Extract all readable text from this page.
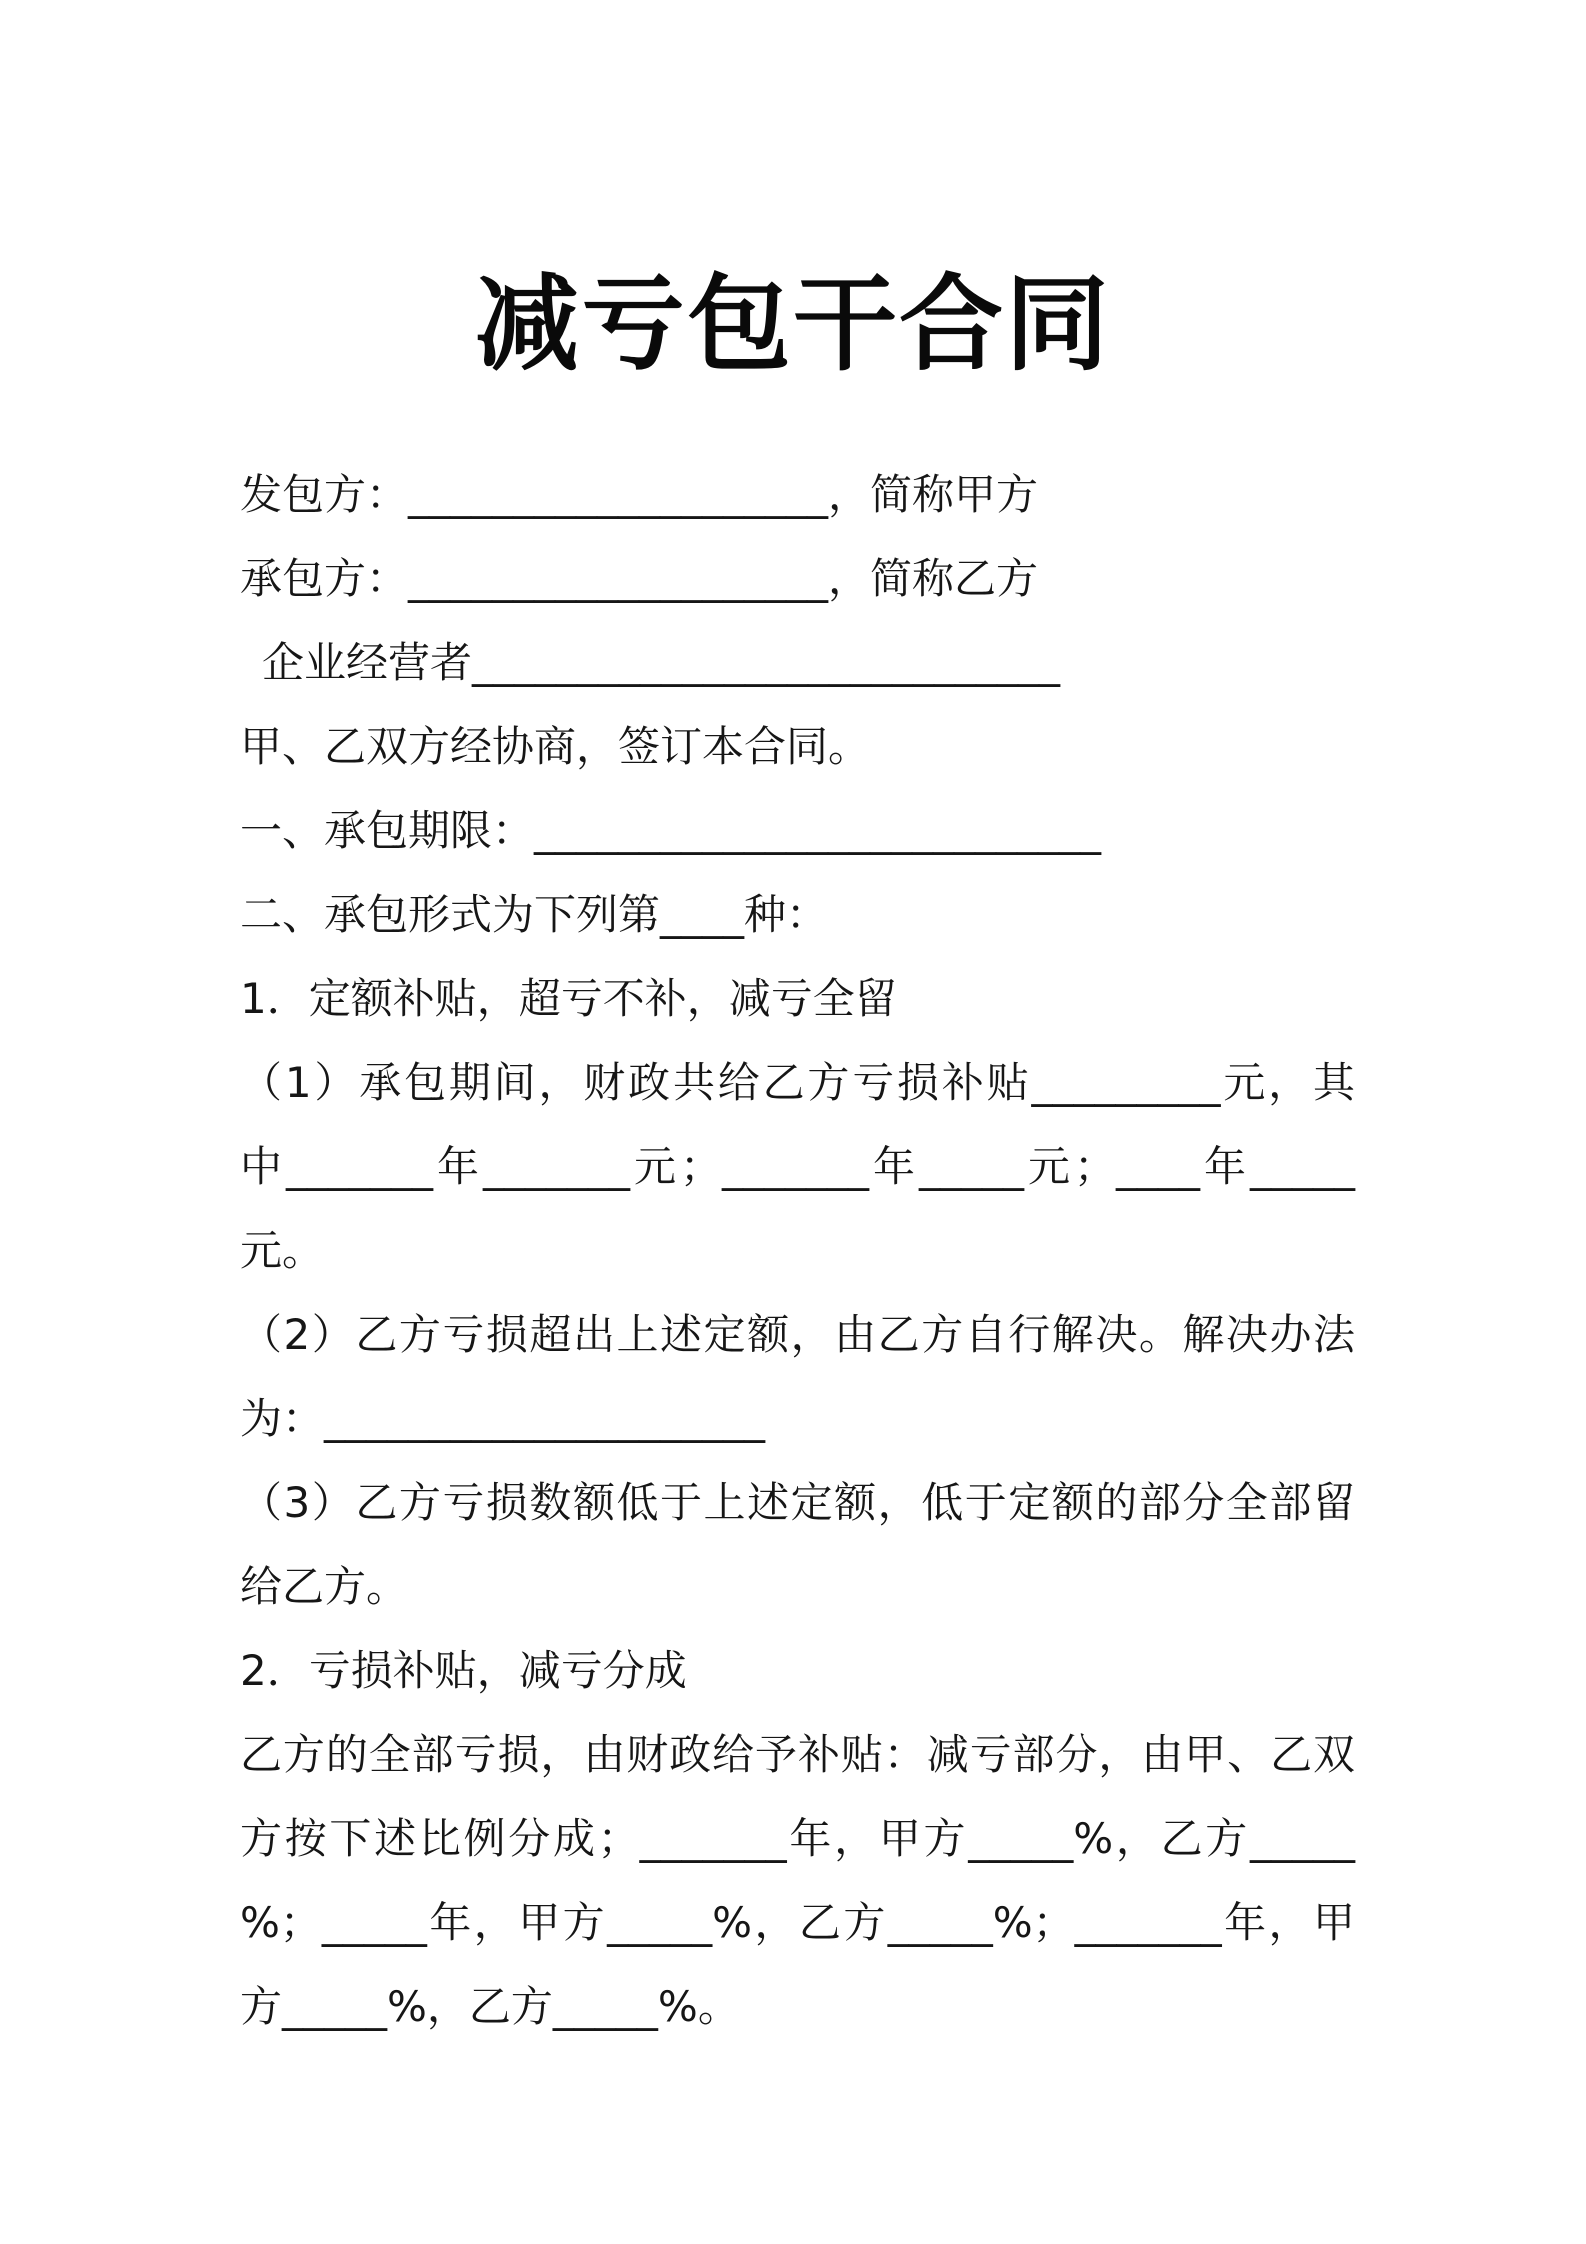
减亏包干合同
发包方：____________________，简称甲方
承包方：____________________，简称乙方
企业经营者____________________________
甲、乙双方经协商，签订本合同。
一、承包期限：___________________________
二、承包形式为下列第____种：
1．定额补贴，超亏不补，减亏全留
（1）承包期间，财政共给乙方亏损补贴_________元，其
中_______年_______元；_______年_____元；____年_____
元。
（2）乙方亏损超出上述定额，由乙方自行解决。解决办法
为：_____________________
（3）乙方亏损数额低于上述定额，低于定额的部分全部留
给乙方。
2．亏损补贴，减亏分成
乙方的全部亏损，由财政给予补贴：减亏部分，由甲、乙双
方按下述比例分成；_______年，甲方_____%，乙方_____
%；_____年，甲方_____%，乙方_____%；_______年，甲
方_____%，乙方_____%。
